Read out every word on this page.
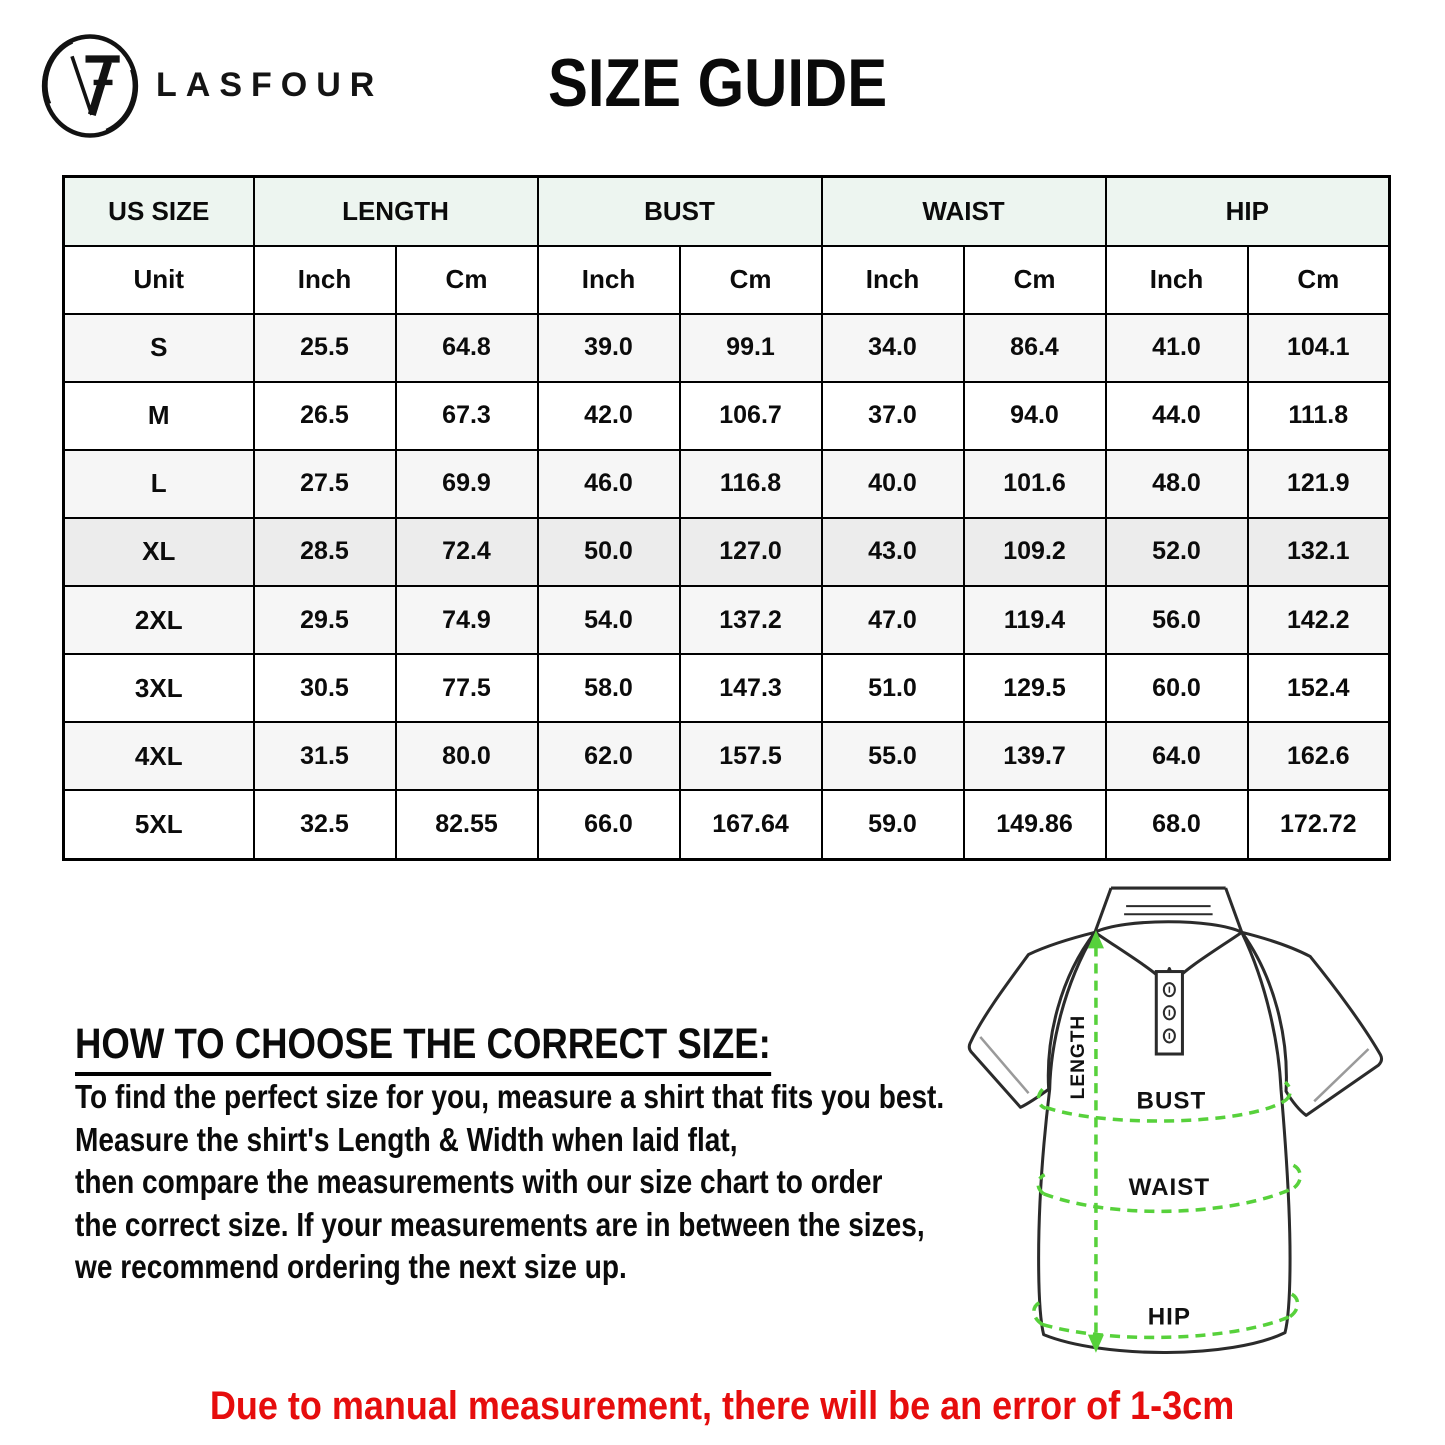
LASFOUR SIZE GUIDE
US SIZE	LENGTH		BUST		WAIST		HIP	
Unit	Inch	Cm	Inch	Cm	Inch	Cm	Inch	Cm
S	25.5	64.8	39.0	99.1	34.0	86.4	41.0	104.1
M	26.5	67.3	42.0	106.7	37.0	94.0	44.0	111.8
L	27.5	69.9	46.0	116.8	40.0	101.6	48.0	121.9
XL	28.5	72.4	50.0	127.0	43.0	109.2	52.0	132.1
2XL	29.5	74.9	54.0	137.2	47.0	119.4	56.0	142.2
3XL	30.5	77.5	58.0	147.3	51.0	129.5	60.0	152.4
4XL	31.5	80.0	62.0	157.5	55.0	139.7	64.0	162.6
5XL	32.5	82.55	66.0	167.64	59.0	149.86	68.0	172.72
HOW TO CHOOSE THE CORRECT SIZE:
To find the perfect size for you, measure a shirt that fits you best.
Measure the shirt's Length & Width when laid flat,
then compare the measurements with our size chart to order
the correct size. If your measurements are in between the sizes,
we recommend ordering the next size up.
LENGTH
BUST
WAIST
HIP
Due to manual measurement, there will be an error of 1-3cm
